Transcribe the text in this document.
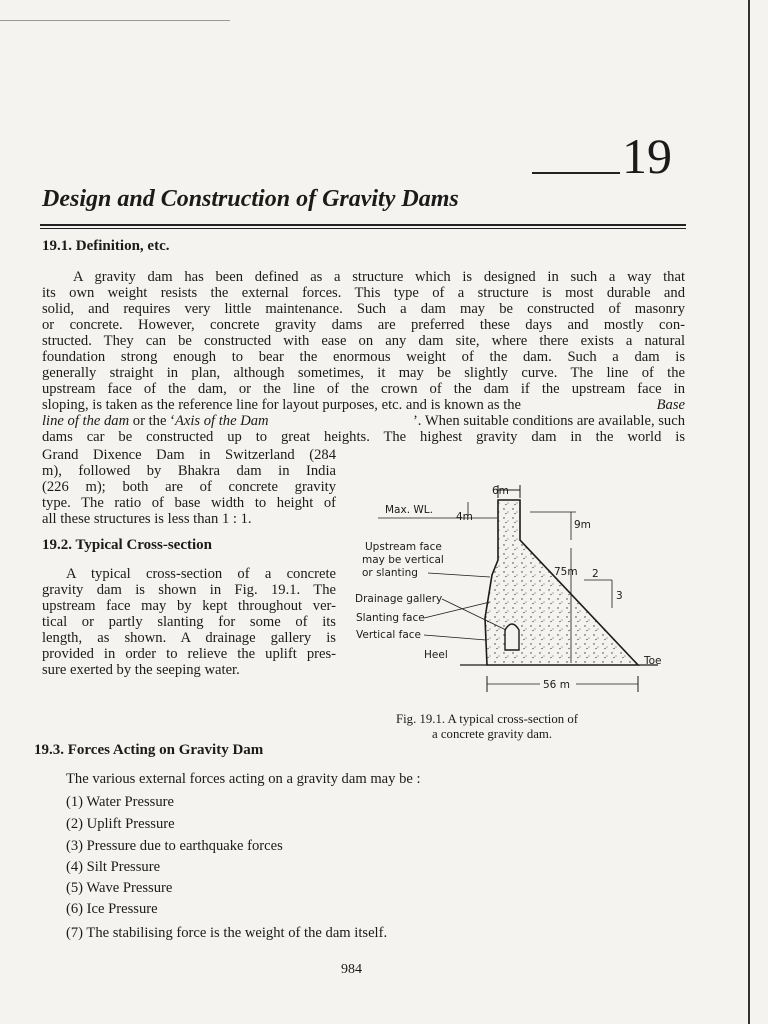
19
Design and Construction of Gravity Dams
19.1. Definition, etc.
A gravity dam has been defined as a structure which is designed in such a way that
its own weight resists the external forces. This type of a structure is most durable and
solid, and requires very little maintenance. Such a dam may be constructed of masonry
or concrete. However, concrete gravity dams are preferred these days and mostly con-
structed. They can be constructed with ease on any dam site, where there exists a natural
foundation strong enough to bear the enormous weight of the dam. Such a dam is
generally straight in plan, although sometimes, it may be slightly curve. The line of the
upstream face of the dam, or the line of the crown of the dam if the upstream face in
sloping, is taken as the reference line for layout purposes, etc. and is known as the	Base
line of the dam or the ‘Axis of the Dam	’. When suitable conditions are available, such
dams car be constructed up to great heights. The highest gravity dam in the world is
Grand Dixence Dam in Switzerland (284
m), followed by Bhakra dam in India
(226 m); both are of concrete gravity
type. The ratio of base width to height of
all these structures is less than 1 : 1.
19.2. Typical Cross-section
A typical cross-section of a concrete
gravity dam is shown in Fig. 19.1. The
upstream face may by kept throughout ver-
tical or partly slanting for some of its
length, as shown. A drainage gallery is
provided in order to relieve the uplift pres-
sure exerted by the seeping water.
6m
Max. WL.
4m
9m
75m 2
3
Upstream face
may be vertical
or slanting
Drainage gallery
Slanting face
Vertical face
Heel	Toe
56 m
Fig. 19.1. A typical cross-section of
a concrete gravity dam.
19.3. Forces Acting on Gravity Dam
The various external forces acting on a gravity dam may be :
(1) Water Pressure
(2) Uplift Pressure
(3) Pressure due to earthquake forces
(4) Silt Pressure
(5) Wave Pressure
(6) Ice Pressure
(7) The stabilising force is the weight of the dam itself.
984
